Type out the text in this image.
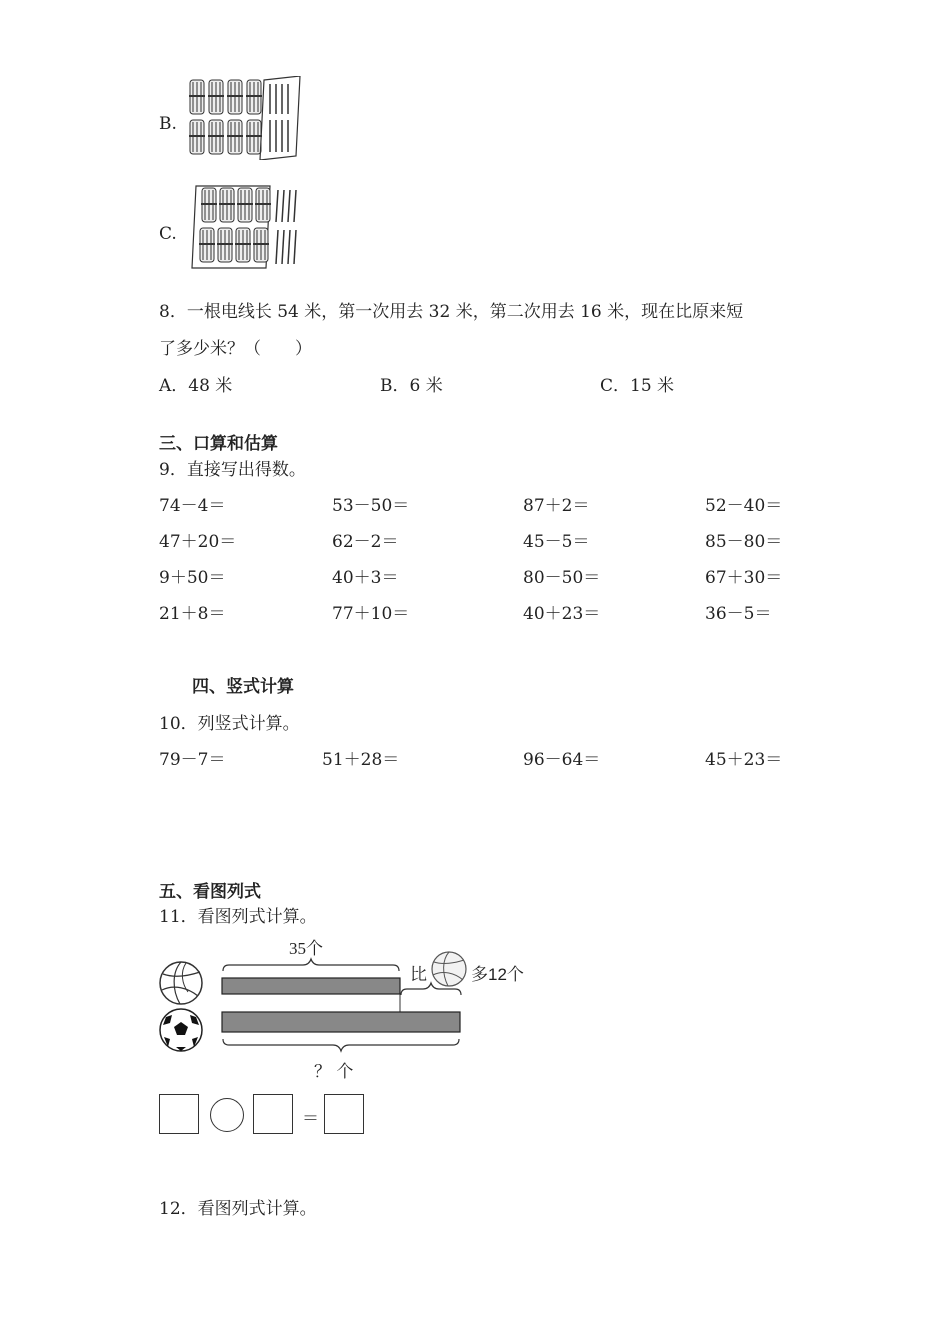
B.
C.
8．一根电线长 54 米，第一次用去 32 米，第二次用去 16 米，现在比原来短
了多少米？（　　）
A．48 米	B．6 米	C．15 米
三、口算和估算
9．直接写出得数。
74－4＝	53－50＝	87＋2＝	52－40＝
47＋20＝	62－2＝	45－5＝	85－80＝
9＋50＝	40＋3＝	80－50＝	67＋30＝
21＋8＝	77＋10＝	40＋23＝	36－5＝
四、竖式计算
10．列竖式计算。
79－7＝	51＋28＝	96－64＝	45＋23＝
五、看图列式
11．看图列式计算。
35个
比	多12个
？ 个
＝
12．看图列式计算。
